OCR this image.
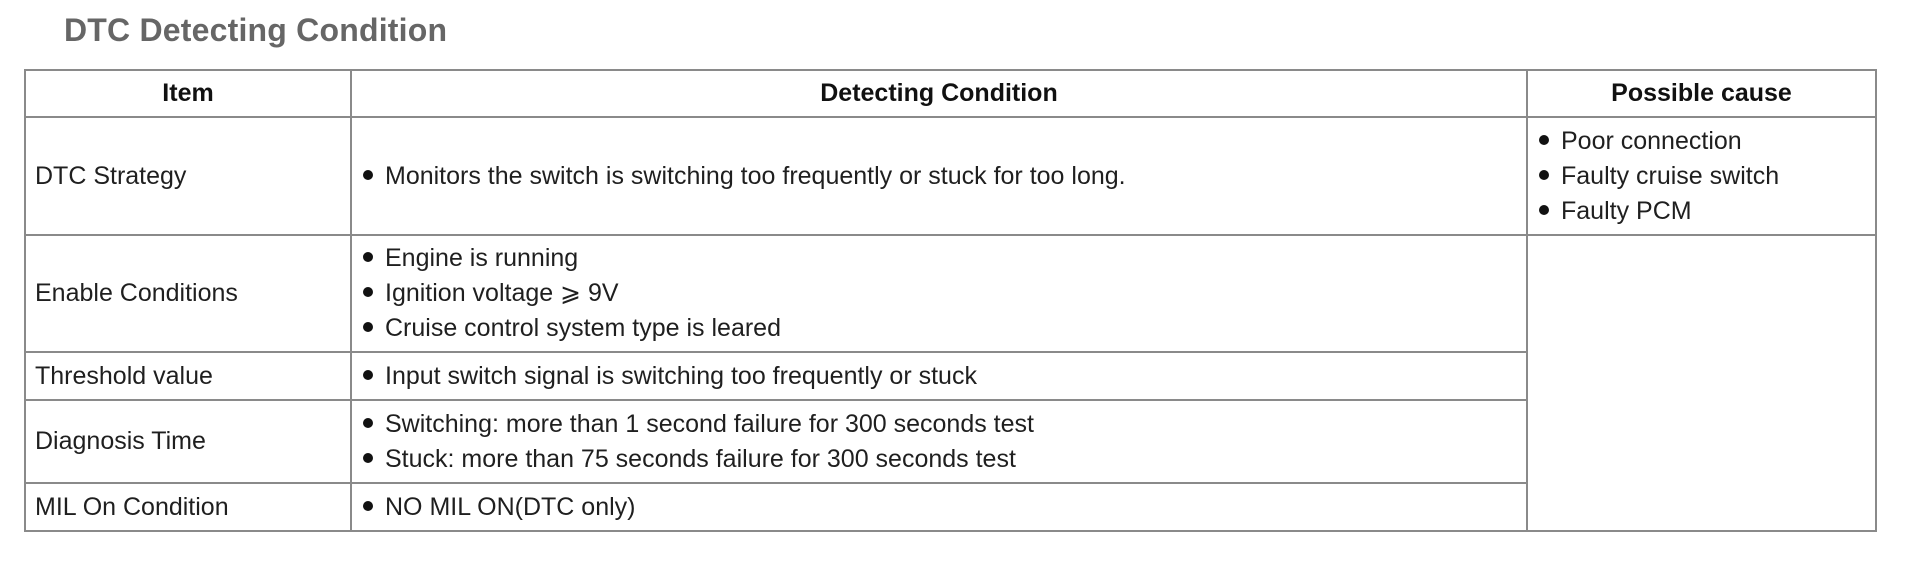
DTC Detecting Condition
Item	Detecting Condition	Possible cause
DTC Strategy	Monitors the switch is switching too frequently or stuck for too long.	Poor connection
Faulty cruise switch
Faulty PCM

Enable Conditions	Engine is running
Ignition voltage ⩾ 9V
Cruise control system type is leared	

Threshold value	Input switch signal is switching too frequently or stuck	

Diagnosis Time	Switching: more than 1 second failure for 300 seconds test
Stuck: more than 75 seconds failure for 300 seconds test	

MIL On Condition	NO MIL ON(DTC only)	
